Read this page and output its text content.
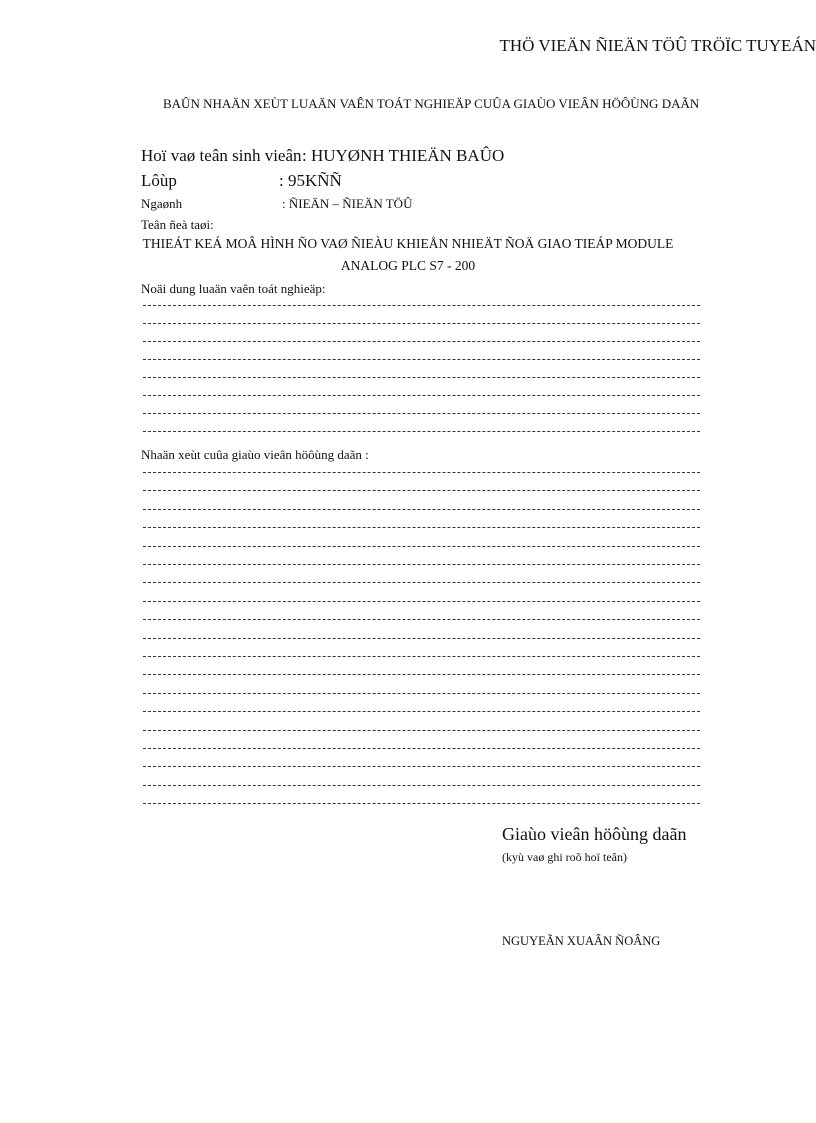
THÖ VIEÄN ÑIEÄN TÖÛ TRÖÏC TUYEÁN
BAÛN NHAÄN XEÙT LUAÄN VAÊN TOÁT NGHIEÄP CUÛA GIAÙO VIEÂN HÖÔÙNG DAÃN
Hoï vaø teân sinh vieân : HUYØNH THIEÄN BAÛO
Lôùp	: 95KÑÑ
Ngaønh	: ÑIEÄN – ÑIEÄN TÖÛ
Teân ñeà taøi:
THIEÁT KEÁ MOÂ HÌNH ÑO VAØ ÑIEÀU KHIEÅN NHIEÄT ÑOÄ GIAO TIEÁP MODULE
ANALOG PLC S7 - 200
Noäi dung luaän vaên toát nghieäp:
Nhaän xeùt cuûa giaùo vieân höôùng daãn :
Giaùo vieân höôùng daãn
(kyù vaø ghi roõ hoï teân)
NGUYEÃN XUAÂN ÑOÂNG
